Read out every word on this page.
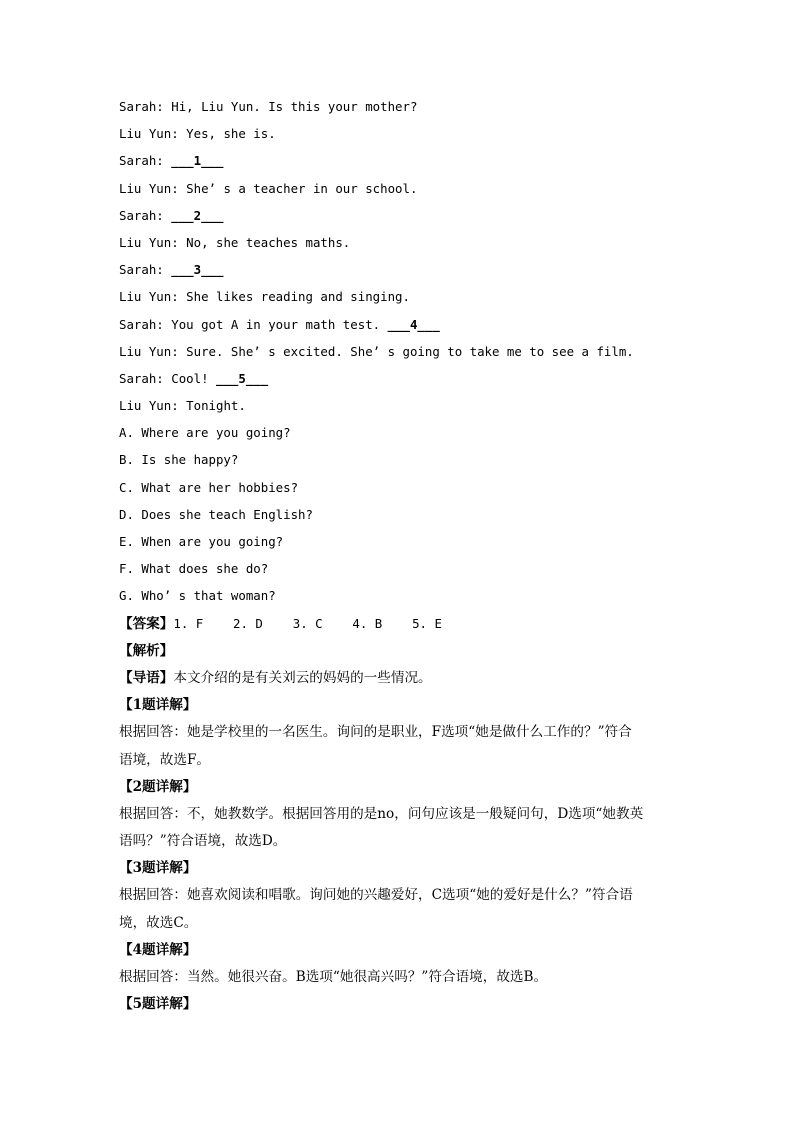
Sarah: Hi, Liu Yun. Is this your mother?
Liu Yun: Yes, she is.
Sarah: ___1___
Liu Yun: She’ s a teacher in our school.
Sarah: ___2___
Liu Yun: No, she teaches maths.
Sarah: ___3___
Liu Yun: She likes reading and singing.
Sarah: You got A in your math test. ___4___
Liu Yun: Sure. She’ s excited. She’ s going to take me to see a film.
Sarah: Cool! ___5___
Liu Yun: Tonight.
A. Where are you going?
B. Is she happy?
C. What are her hobbies?
D. Does she teach English?
E. When are you going?
F. What does she do?
G. Who’ s that woman?
【答案】1. F    2. D    3. C    4. B    5. E
【解析】
【导语】本文介绍的是有关刘云的妈妈的一些情况。
【1题详解】
根据回答：她是学校里的一名医生。询问的是职业，F选项“她是做什么工作的？”符合
语境，故选F。
【2题详解】
根据回答：不，她教数学。根据回答用的是no，问句应该是一般疑问句，D选项“她教英
语吗？”符合语境，故选D。
【3题详解】
根据回答：她喜欢阅读和唱歌。询问她的兴趣爱好，C选项“她的爱好是什么？”符合语
境，故选C。
【4题详解】
根据回答：当然。她很兴奋。B选项“她很高兴吗？”符合语境，故选B。
【5题详解】
